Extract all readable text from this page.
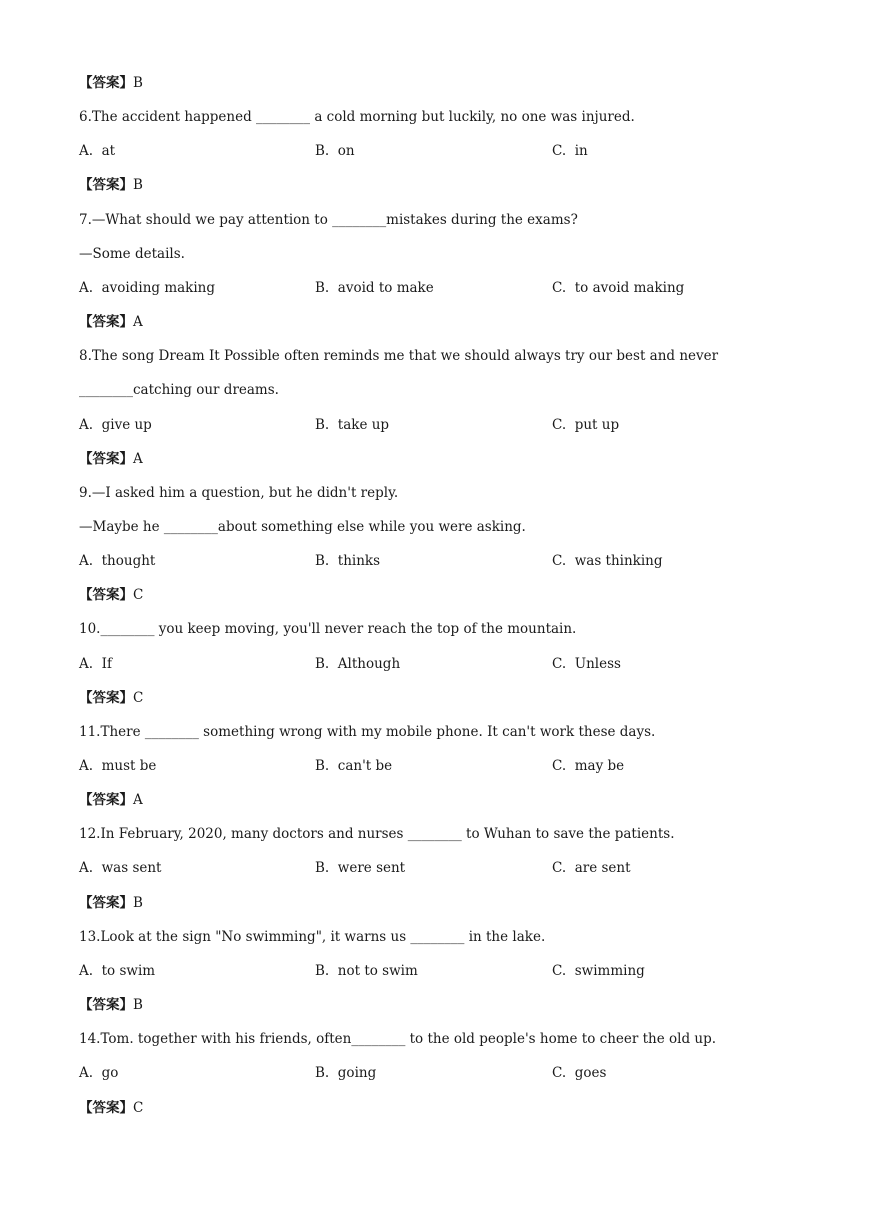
【答案】B
6.The accident happened ________ a cold morning but luckily, no one was injured.
A.  at	B.  on	C.  in
【答案】B
7.—What should we pay attention to ________mistakes during the exams?
—Some details.
A.  avoiding making	B.  avoid to make	C.  to avoid making
【答案】A
8.The song Dream It Possible often reminds me that we should always try our best and never
________catching our dreams.
A.  give up	B.  take up	C.  put up
【答案】A
9.—I asked him a question, but he didn't reply.
—Maybe he ________about something else while you were asking.
A.  thought	B.  thinks	C.  was thinking
【答案】C
10.________ you keep moving, you'll never reach the top of the mountain.
A.  If	B.  Although	C.  Unless
【答案】C
11.There ________ something wrong with my mobile phone. It can't work these days.
A.  must be	B.  can't be	C.  may be
【答案】A
12.In February, 2020, many doctors and nurses ________ to Wuhan to save the patients.
A.  was sent	B.  were sent	C.  are sent
【答案】B
13.Look at the sign "No swimming", it warns us ________ in the lake.
A.  to swim	B.  not to swim	C.  swimming
【答案】B
14.Tom. together with his friends, often________ to the old people's home to cheer the old up.
A.  go	B.  going	C.  goes
【答案】C
